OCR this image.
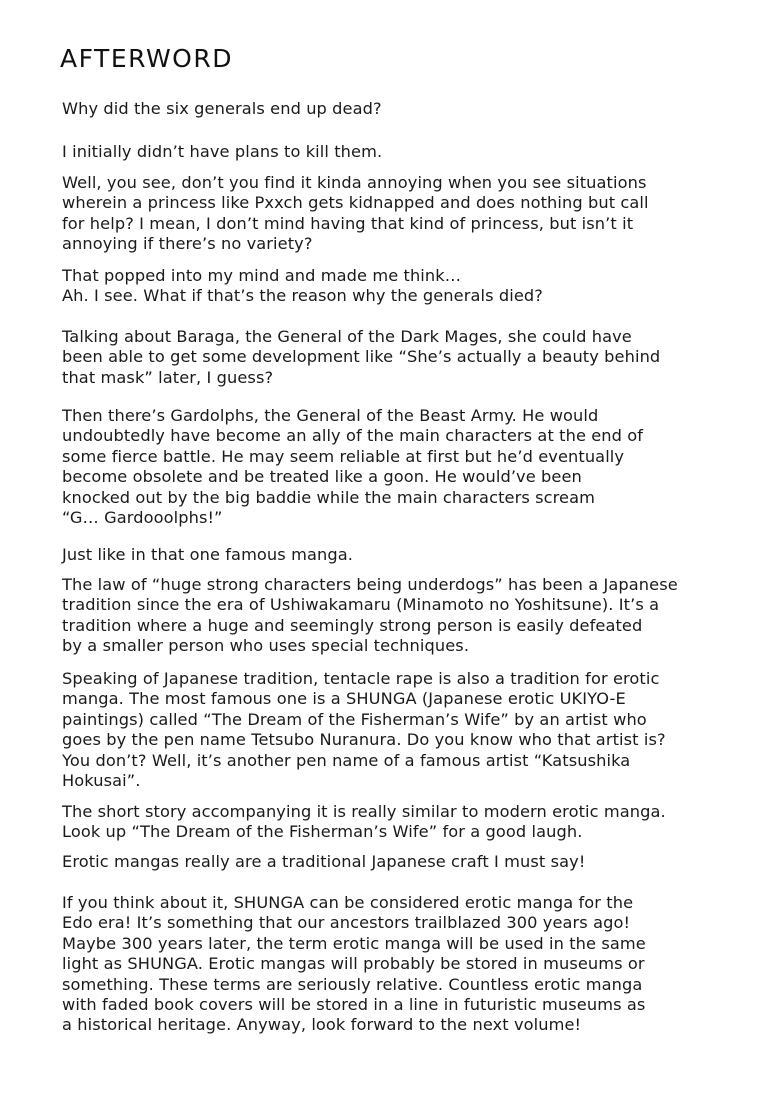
AFTERWORD

Why did the six generals end up dead?

I initially didn’t have plans to kill them.

Well, you see, don’t you find it kinda annoying when you see situations
wherein a princess like Pxxch gets kidnapped and does nothing but call
for help? I mean, I don’t mind having that kind of princess, but isn’t it
annoying if there’s no variety?

That popped into my mind and made me think…
Ah. I see. What if that’s the reason why the generals died?

Talking about Baraga, the General of the Dark Mages, she could have
been able to get some development like “She’s actually a beauty behind
that mask” later, I guess?

Then there’s Gardolphs, the General of the Beast Army. He would
undoubtedly have become an ally of the main characters at the end of
some fierce battle. He may seem reliable at first but he’d eventually
become obsolete and be treated like a goon. He would’ve been
knocked out by the big baddie while the main characters scream
“G… Gardooolphs!”

Just like in that one famous manga.

The law of “huge strong characters being underdogs” has been a Japanese
tradition since the era of Ushiwakamaru (Minamoto no Yoshitsune). It’s a
tradition where a huge and seemingly strong person is easily defeated
by a smaller person who uses special techniques.

Speaking of Japanese tradition, tentacle rape is also a tradition for erotic
manga. The most famous one is a SHUNGA (Japanese erotic UKIYO-E
paintings) called “The Dream of the Fisherman’s Wife” by an artist who
goes by the pen name Tetsubo Nuranura. Do you know who that artist is?
You don’t? Well, it’s another pen name of a famous artist “Katsushika
Hokusai”.

The short story accompanying it is really similar to modern erotic manga.
Look up “The Dream of the Fisherman’s Wife” for a good laugh.

Erotic mangas really are a traditional Japanese craft I must say!

If you think about it, SHUNGA can be considered erotic manga for the
Edo era! It’s something that our ancestors trailblazed 300 years ago!
Maybe 300 years later, the term erotic manga will be used in the same
light as SHUNGA. Erotic mangas will probably be stored in museums or
something. These terms are seriously relative. Countless erotic manga
with faded book covers will be stored in a line in futuristic museums as
a historical heritage. Anyway, look forward to the next volume!
